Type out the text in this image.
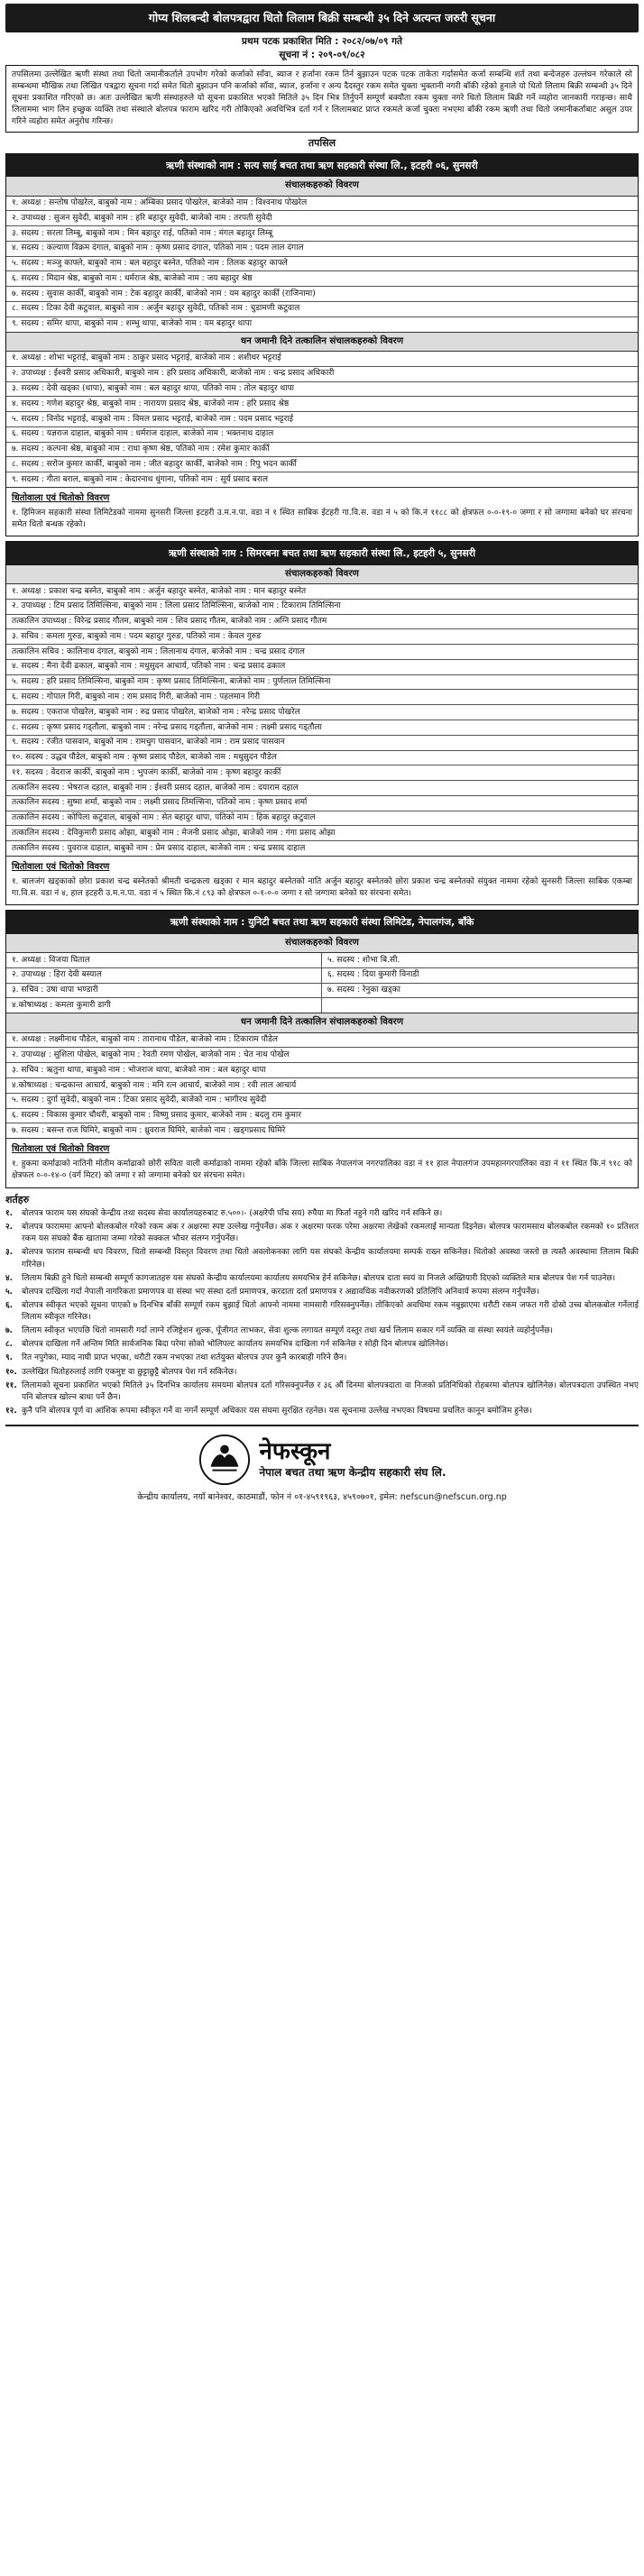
गोप्य शिलबन्दी बोलपत्रद्वारा धितो लिलाम बिक्री सम्बन्धी ३५ दिने अत्यन्त जरुरी सूचना
प्रथम पटक प्रकाशित मिति : २०८२/०७/०९ गते
सूचना नं : २०९-०९/०८२
तपसिलमा उल्लेखित ऋणी संस्था तथा धितो जमानीकर्ताले उपभोग गरेको कर्जाको साँवा, ब्याज र हर्जाना रकम तिर्न बुझाउन पटक पटक ताकेता गर्दासमेत कर्जा सम्बन्धि शर्त तथा बन्देजहरु उल्लंघन गरेकाले सो सम्बन्धमा मौखिक तथा लिखित पत्रद्वारा सूचना गर्दा समेत धितो बुझाउन पनि कर्जाको साँवा, ब्याज, हर्जाना र अन्य दैदस्तुर रकम समेत चुक्ता भुक्तानी नगरी बाँकी रहेको हुनाले यो धितो लिलाम बिक्री सम्बन्धी ३५ दिने सूचना प्रकाशित गरिएको छ। अतः उल्लेखित ऋणी संस्थाहरुले यो सूचना प्रकाशित भएको मितिले ३५ दिन भित्र तिर्नुपर्ने सम्पूर्ण बक्यौता रकम चुक्ता नगरे धितो लिलाम बिक्री गर्ने व्यहोरा जानकारी गराइन्छ। साथै लिलाममा भाग लिन इच्छुक व्यक्ति तथा संस्थाले बोलपत्र फाराम खरिद गरी तोकिएको अवधिभित्र दर्ता गर्न र लिलामबाट प्राप्त रकमले कर्जा चुक्ता नभएमा बाँकी रकम ऋणी तथा धितो जमानीकर्ताबाट असुल उपर गरिने व्यहोरा समेत अनुरोध गरिन्छ।
तपसिल
ऋणी संस्थाको नाम : सत्य साई बचत तथा ऋण सहकारी संस्था लि., इटहरी ०६, सुनसरी
संचालकहरुको विवरण
१. अध्यक्ष : सन्तोष पोखरेल, बाबुको नाम : अम्बिका प्रसाद पोखरेल, बाजेको नाम : विश्वनाथ पोखरेल
२. उपाध्यक्ष : सुजन सुवेदी, बाबुको नाम : हरि बहादुर सुवेदी, बाजेको नाम : तरपती सुवेदी
३. सदस्य : सरला लिम्बू, बाबुको नाम : मिन बहादुर राई, पतिको नाम : मंगल बहादुर लिम्बू
४. सदस्य : कल्याण विक्रम दंगाल, बाबुको नाम : कृष्ण प्रसाद दंगाल, पतिको नाम : पदम लाल दंगाल
५. सदस्य : मञ्जु काफ्ले, बाबुको नाम : बल बहादुर बस्नेत, पतिको नाम : तिलक बहादुर काफ्ले
६. सदस्य : मिदान श्रेष्ठ, बाबुको नाम : धर्मराज श्रेष्ठ, बाजेको नाम : जय बहादुर श्रेष्ठ
७. सदस्य : सुवास कार्की, बाबुको नाम : टेक बहादुर कार्की, बाजेको नाम : यम बहादुर कार्की (राजिनामा)
८. सदस्य : टिका देवी कटुवाल, बाबुको नाम : अर्जुन बहादुर सुवेदी, पतिको नाम : चुडामणी कटुवाल
९. सदस्य : समिर थापा, बाबुको नाम : शम्भु थापा, बाजेको नाम : यम बहादुर थापा
धन जमानी दिने तत्कालिन संचालकहरुको विवरण
१. अध्यक्ष : शोभा भट्टराई, बाबुको नाम : ठाकुर प्रसाद भट्टराई, बाजेको नाम : शशीधर भट्टराई
२. उपाध्यक्ष : ईश्वरी प्रसाद अधिकारी, बाबुको नाम : हरि प्रसाद अधिकारी, बाजेको नाम : चन्द्र प्रसाद अधिकारी
३. सदस्य : देवी खड्का (थापा), बाबुको नाम : बल बहादुर थापा, पतिको नाम : तोल बहादुर थापा
४. सदस्य : गणेश बहादुर श्रेष्ठ, बाबुको नाम : नारायण प्रसाद श्रेष्ठ, बाजेको नाम : हरि प्रसाद श्रेष्ठ
५. सदस्य : विनोद भट्टराई, बाबुको नाम : विमल प्रसाद भट्टराई, बाजेको नाम : पदम प्रसाद भट्टराई
६. सदस्य : यज्ञराज दाहाल, बाबुको नाम : धर्मराज दाहाल, बाजेको नाम : भक्तनाथ दाहाल
७. सदस्य : कल्पना श्रेष्ठ, बाबुको नाम : राधा कृष्ण श्रेष्ठ, पतिको नाम : रमेश कुमार कार्की
८. सदस्य : सरोज कुमार कार्की, बाबुको नाम : जीत बहादुर कार्की, बाजेको नाम : रिपु भदन कार्की
९. सदस्य : गीता बराल, बाबुको नाम : केदारनाथ धुंगाना, पतिको नाम : सूर्य प्रसाद बराल
धितोवाला एवं धितोको विवरण
१. हिमिजन सहकारी संस्था लिमिटेडको नाममा सुनसरी जिल्ला इटहरी उ.म.न.पा. वडा नं १ स्थित साबिक ईटहरी गा.वि.स. वडा नं ५ को कि.नं ११८८ को क्षेत्रफल ०-०-१९-० जग्गा र सो जग्गामा बनेको घर संरचना समेत धितो बन्धक रहेको।
ऋणी संस्थाको नाम : सिमरबना बचत तथा ऋण सहकारी संस्था लि., इटहरी ५, सुनसरी
संचालकहरुको विवरण
१. अध्यक्ष : प्रकाश चन्द्र बस्नेत, बाबुको नाम : अर्जुन बहादुर बस्नेत, बाजेको नाम : मान बहादुर बस्नेत
२. उपाध्यक्ष : टिम प्रसाद तिमिल्सिना, बाबुको नाम : लिला प्रसाद तिमिल्सिना, बाजेको नाम : टिकाराम तिमिल्सिना
तत्कालिन उपाध्यक्ष : विरेन्द्र प्रसाद गौतम, बाबुको नाम : शिव प्रसाद गौतम, बाजेको नाम : अग्नि प्रसाद गौतम
३. सचिव : कमला गुरुङ, बाबुको नाम : पदम बहादुर गुरुङ, पतिको नाम : केवल गुरुङ
तत्कालिन सचिव : कालिनाथ दंगाल, बाबुको नाम : लिलानाथ दंगाल, बाजेको नाम : चन्द्र प्रसाद दंगाल
४. सदस्य : मैना देवी ढकाल, बाबुको नाम : मधुसुदन आचार्य, पतिको नाम : चन्द्र प्रसाद ढकाल
५. सदस्य : हरि प्रसाद तिमिल्सिना, बाबुको नाम : कृष्ण प्रसाद तिमिल्सिना, बाजेको नाम : पुर्णलाल तिमिल्सिना
६. सदस्य : गोपाल गिरी, बाबुको नाम : राम प्रसाद गिरी, बाजेको नाम : पहलमान गिरी
७. सदस्य : एकराज पोखरेल, बाबुको नाम : रुद्र प्रसाद पोखरेल, बाजेको नाम : नरेन्द्र प्रसाद पोखरेल
८. सदस्य : कृष्ण प्रसाद गड्तौला, बाबुको नाम : नरेन्द्र प्रसाद गड्तौला, बाजेको नाम : लक्ष्मी प्रसाद गड्तौला
९. सदस्य : रंजीत पासवान, बाबुको नाम : रामचुग पासवान, बाजेको नाम : राम प्रसाद पासवान
१०. सदस्य : उद्धव पौडेल, बाबुको नाम : कृष्ण प्रसाद पौडेल, बाजेको नाम : मधुसुदन पौडेल
११. सदस्य : वेदराज कार्की, बाबुको नाम : भुपजंग कार्की, बाजेको नाम : कृष्ण बहादुर कार्की
तत्कालिन सदस्य : भेषराज दहाल, बाबुको नाम : ईश्वरी प्रसाद दहाल, बाजेको नाम : दयाराम दहाल
तत्कालिन सदस्य : सुष्मा शर्मा, बाबुको नाम : लक्ष्मी प्रसाद तिमल्सिना, पतिको नाम : कृष्ण प्रसाद शर्मा
तत्कालिन सदस्य : कोपिला कटुवाल, बाबुको नाम : सेत बहादुर थापा, पतिको नाम : हिक बहादुर कटुवाल
तत्कालिन सदस्य : देविकुमारी प्रसाद ओझा, बाबुको नाम : मेजनी प्रसाद ओझा, बाजेको नाम : गंगा प्रसाद ओझा
तत्कालिन सदस्य : युवराज दाहाल, बाबुको नाम : प्रेम प्रसाद दाहाल, बाजेको नाम : चन्द्र प्रसाद दाहाल
धितोवाला एवं धितोको विवरण
१. बालजंग खड्काको छोरा प्रकाश चन्द्र बस्नेतको श्रीमती चन्द्रकला खड्का र मान बहादुर बस्नेतको नाति अर्जुन बहादुर बस्नेतको छोरा प्रकाश चन्द्र बस्नेतको संयुक्त नाममा रहेको सुनसरी जिल्ला साबिक एकम्बा गा.वि.स. वडा नं ४, हाल इटहरी उ.म.न.पा. वडा नं ५ स्थित कि.नं ८९३ को क्षेत्रफल ०-१-०-० जग्गा र सो जग्गामा बनेको घर संरचना समेत।
ऋणी संस्थाको नाम : युनिटी बचत तथा ऋण सहकारी संस्था लिमिटेड, नेपालगंज, बाँके
संचालकहरुको विवरण
१. अध्यक्ष : विजया घिताल	५. सदस्य : शोभा बि.सी.
२. उपाध्यक्ष : हिरा देवी बस्याल	६. सदस्य : दिया कुमारी विनाडी
३. सचिव : उषा थापा भण्डारी	७. सदस्य : रेनुका खड्का
४.कोषाध्यक्ष : कमला कुमारी डागी
धन जमानी दिने तत्कालिन संचालकहरुको विवरण
१. अध्यक्ष : लक्ष्मीनाथ पौडेल, बाबुको नाम : तारानाथ पौडेल, बाजेको नाम : टिकाराम पौडेल
२. उपाध्यक्ष : सुशिला पोखेल, बाबुको नाम : रेवती रमण पोखेल, बाजेको नाम : चेत नाथ पोखेल
३. सचिव : ऋतुना थापा, बाबुको नाम : भोजराज थापा, बाजेको नाम : बल बहादुर थापा
४.कोषाध्यक्ष : चन्द्रकान्त आचार्य, बाबुको नाम : मनि रत्न आचार्य, बाजेको नाम : रवी लाल आचार्य
५. सदस्य : दुर्गा सुवेदी, बाबुको नाम : टिका प्रसाद सुवेदी, बाजेको नाम : भागीरथ सुवेदी
६. सदस्य : विकास कुमार चौधरी, बाबुको नाम : विष्णु प्रसाद कुमार, बाजेको नाम : बदलु राम कुमार
७. सदस्य : बसन्त राज घिमिरे, बाबुको नाम : ध्रुवराज घिमिरे, बाजेको नाम : खड्गप्रसाद घिमिरे
धितोवाला एवं धितोको विवरण
१. हुकमा कर्माढाको नातिनी मोतीम कर्माढाको छोरी सविता वाली कर्माढाको नाममा रहेको बाँके जिल्ला साबिक नेपालगंज नगरपालिका वडा नं ११ हाल नेपालगंज उपमहानगरपालिका वडा नं ११ स्थित कि.नं ९१८ को क्षेत्रफल ०-०-१४-० (वर्ग मिटर) को जग्गा र सो जग्गामा बनेको घर संरचना समेत।
शर्तहरु
१.	बोलपत्र फाराम यस संघको केन्द्रीय तथा सदस्य सेवा कार्यालयहरुबाट रु.५००।- (अक्षरेपी पाँच सय) रुपैया मा फिर्ता नहुने गरी खरिद गर्न सकिने छ।
२.	बोलपत्र फाराममा आफ्नो बोलकबोल गरेको रकम अंक र अक्षरमा स्पष्ट उल्लेख गर्नुपर्नेछ। अंक र अक्षरमा फरक परेमा अक्षरमा लेखेको रकमलाई मान्यता दिइनेछ। बोलपत्र फारामसाथ बोलकबोल रकमको १० प्रतिशत रकम यस संघको बैंक खातामा जम्मा गरेको सक्कल भौचर संलग्न गर्नुपर्नेछ।
३.	बोलपत्र फाराम सम्बन्धी थप विवरण, धितो सम्बन्धी विस्तृत विवरण तथा धितो अवलोकनका लागि यस संघको केन्द्रीय कार्यालयमा सम्पर्क राख्न सकिनेछ। धितोको अवस्था जस्तो छ त्यस्तै अवस्थामा लिलाम बिक्री गरिनेछ।
४.	लिलाम बिक्री हुने धितो सम्बन्धी सम्पूर्ण कागजातहरु यस संघको केन्द्रीय कार्यालयमा कार्यालय समयभित्र हेर्न सकिनेछ। बोलपत्र दाता स्वयं वा निजले अख्तियारी दिएको व्यक्तिले मात्र बोलपत्र पेश गर्न पाउनेछ।
५.	बोलपत्र दाखिला गर्दा नेपाली नागरिकता प्रमाणपत्र वा संस्था भए संस्था दर्ता प्रमाणपत्र, करदाता दर्ता प्रमाणपत्र र अद्यावधिक नवीकरणको प्रतिलिपि अनिवार्य रूपमा संलग्न गर्नुपर्नेछ।
६.	बोलपत्र स्वीकृत भएको सूचना पाएको ७ दिनभित्र बाँकी सम्पूर्ण रकम बुझाई धितो आफ्नो नाममा नामसारी गरिसक्नुपर्नेछ। तोकिएको अवधिमा रकम नबुझाएमा धरौटी रकम जफत गरी दोस्रो उच्च बोलकबोल गर्नेलाई लिलाम स्वीकृत गरिनेछ।
७.	लिलाम स्वीकृत भएपछि धितो नामसारी गर्दा लाग्ने रजिष्ट्रेशन शुल्क, पूँजीगत लाभकर, सेवा शुल्क लगायत सम्पूर्ण दस्तुर तथा खर्च लिलाम सकार गर्ने व्यक्ति वा संस्था स्वयंले व्यहोर्नुपर्नेछ।
८.	बोलपत्र दाखिला गर्ने अन्तिम मिति सार्वजनिक बिदा परेमा सोको भोलिपल्ट कार्यालय समयभित्र दाखिला गर्न सकिनेछ र सोही दिन बोलपत्र खोलिनेछ।
९.	रित नपुगेका, म्याद नाघी प्राप्त भएका, धरौटी रकम नभएका तथा शर्तयुक्त बोलपत्र उपर कुनै कारबाही गरिने छैन।
१०. उल्लेखित धितोहरुलाई लागि एकमुष्ट वा छुट्टाछुट्टै बोलपत्र पेश गर्न सकिनेछ।
११. लिलामको सूचना प्रकाशित भएको मितिले ३५ दिनभित्र कार्यालय समयमा बोलपत्र दर्ता गरिसक्नुपर्नेछ र ३६ औं दिनमा बोलपत्रदाता वा निजको प्रतिनिधिको रोहबरमा बोलपत्र खोलिनेछ। बोलपत्रदाता उपस्थित नभए पनि बोलपत्र खोल्न बाधा पर्ने छैन।
१२. कुनै पनि बोलपत्र पूर्ण वा आंशिक रूपमा स्वीकृत गर्ने वा नगर्ने सम्पूर्ण अधिकार यस संघमा सुरक्षित रहनेछ। यस सूचनामा उल्लेख नभएका विषयमा प्रचलित कानून बमोजिम हुनेछ।
नेफस्कून
नेपाल बचत तथा ऋण केन्द्रीय सहकारी संघ लि.
केन्द्रीय कार्यालय, नयाँ बानेश्वर, काठमाडौं, फोन नं ०१-४५९१९६३, ४५९०७०१, इमेल: nefscun@nefscun.org.np
